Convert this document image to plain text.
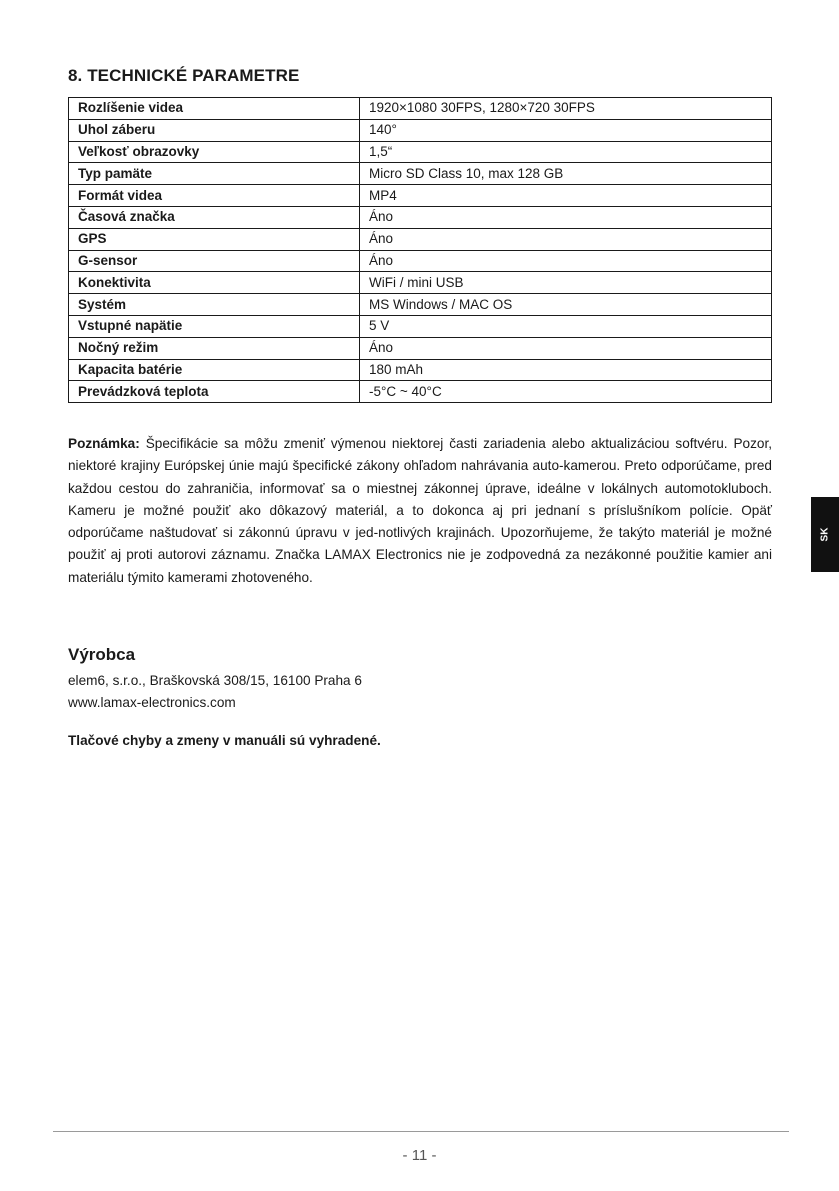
8. TECHNICKÉ PARAMETRE
Rozlíšenie videa	1920×1080 30FPS, 1280×720 30FPS
Uhol záberu	140°
Veľkosť obrazovky	1,5“
Typ pamäte	Micro SD Class 10, max 128 GB
Formát videa	MP4
Časová značka	Áno
GPS	Áno
G-sensor	Áno
Konektivita	WiFi / mini USB
Systém	MS Windows / MAC OS
Vstupné napätie	5 V
Nočný režim	Áno
Kapacita batérie	180 mAh
Prevádzková teplota	-5°C ~ 40°C

Poznámka: Špecifikácie sa môžu zmeniť výmenou niektorej časti zariadenia alebo aktualizáciou softvéru. Pozor, niektoré krajiny Európskej únie majú špecifické zákony ohľadom nahrávania auto-kamerou. Preto odporúčame, pred každou cestou do zahraničia, informovať sa o miestnej zákonnej úprave, ideálne v lokálnych automotokluboch. Kameru je možné použiť ako dôkazový materiál, a to dokonca aj pri jednaní s príslušníkom polície. Opäť odporúčame naštudovať si zákonnú úpravu v jed-notlivých krajinách. Upozorňujeme, že takýto materiál je možné použiť aj proti autorovi záznamu. Značka LAMAX Electronics nie je zodpovedná za nezákonné použitie kamier ani materiálu týmito kamerami zhotoveného.

Výrobca
elem6, s.r.o., Braškovská 308/15, 16100 Praha 6
www.lamax-electronics.com
Tlačové chyby a zmeny v manuáli sú vyhradené.
SK
- 11 -
